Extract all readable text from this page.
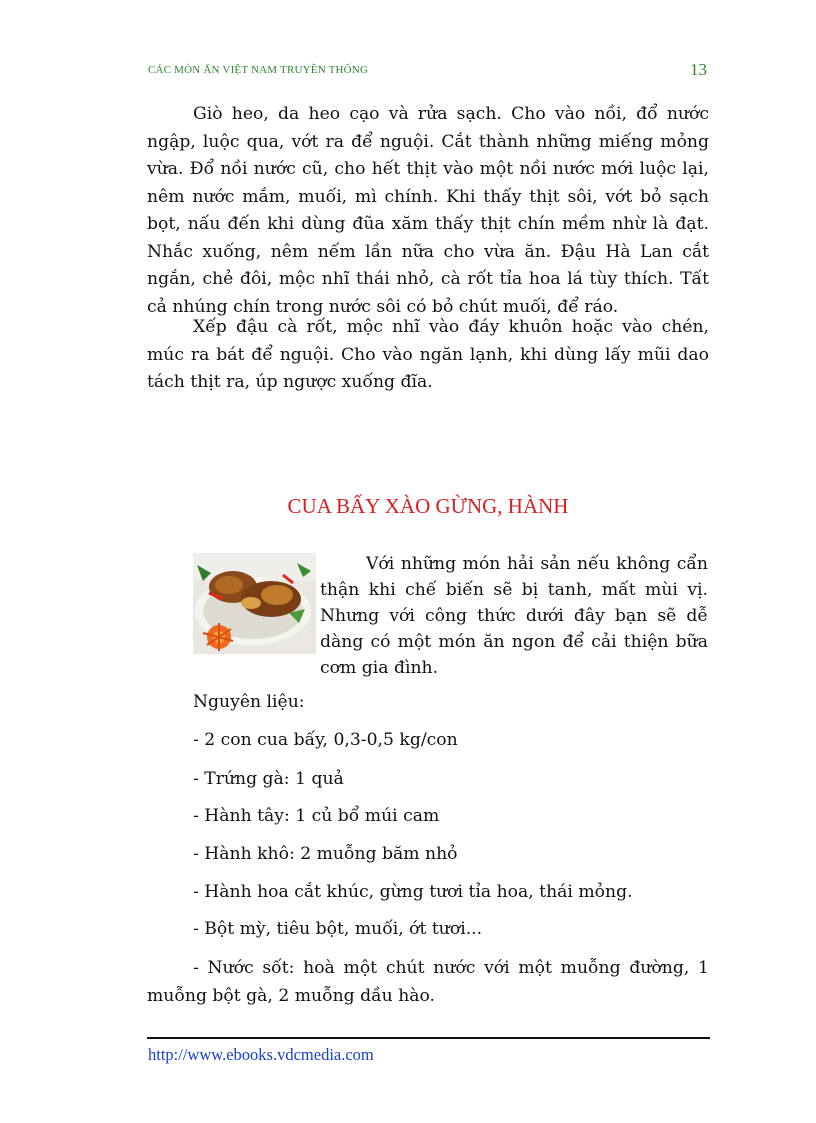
CÁC MÓN ĂN VIỆT NAM TRUYỀN THỐNG	13

Giò heo, da heo cạo và rửa sạch. Cho vào nồi, đổ nước ngập, luộc qua, vớt ra để nguội. Cắt thành những miếng mỏng vừa. Đổ nồi nước cũ, cho hết thịt vào một nồi nước mới luộc lại, nêm nước mắm, muối, mì chính. Khi thấy thịt sôi, vớt bỏ sạch bọt, nấu đến khi dùng đũa xăm thấy thịt chín mềm nhừ là đạt. Nhắc xuống, nêm nếm lần nữa cho vừa ăn. Đậu Hà Lan cắt ngắn, chẻ đôi, mộc nhĩ thái nhỏ, cà rốt tỉa hoa lá tùy thích. Tất cả nhúng chín trong nước sôi có bỏ chút muối, để ráo.

Xếp đậu cà rốt, mộc nhĩ vào đáy khuôn hoặc vào chén, múc ra bát để nguội. Cho vào ngăn lạnh, khi dùng lấy mũi dao tách thịt ra, úp ngược xuống đĩa.

CUA BẤY XÀO GỪNG, HÀNH

Với những món hải sản nếu không cẩn thận khi chế biến sẽ bị tanh, mất mùi vị. Nhưng với công thức dưới đây bạn sẽ dễ dàng có một món ăn ngon để cải thiện bữa cơm gia đình.

Nguyên liệu:
- 2 con cua bấy, 0,3-0,5 kg/con
- Trứng gà: 1 quả
- Hành tây: 1 củ bổ múi cam
- Hành khô: 2 muỗng băm nhỏ
- Hành hoa cắt khúc, gừng tươi tỉa hoa, thái mỏng.
- Bột mỳ, tiêu bột, muối, ớt tươi...

- Nước sốt: hoà một chút nước với một muỗng đường, 1 muỗng bột gà, 2 muỗng dầu hào.

http://www.ebooks.vdcmedia.com
